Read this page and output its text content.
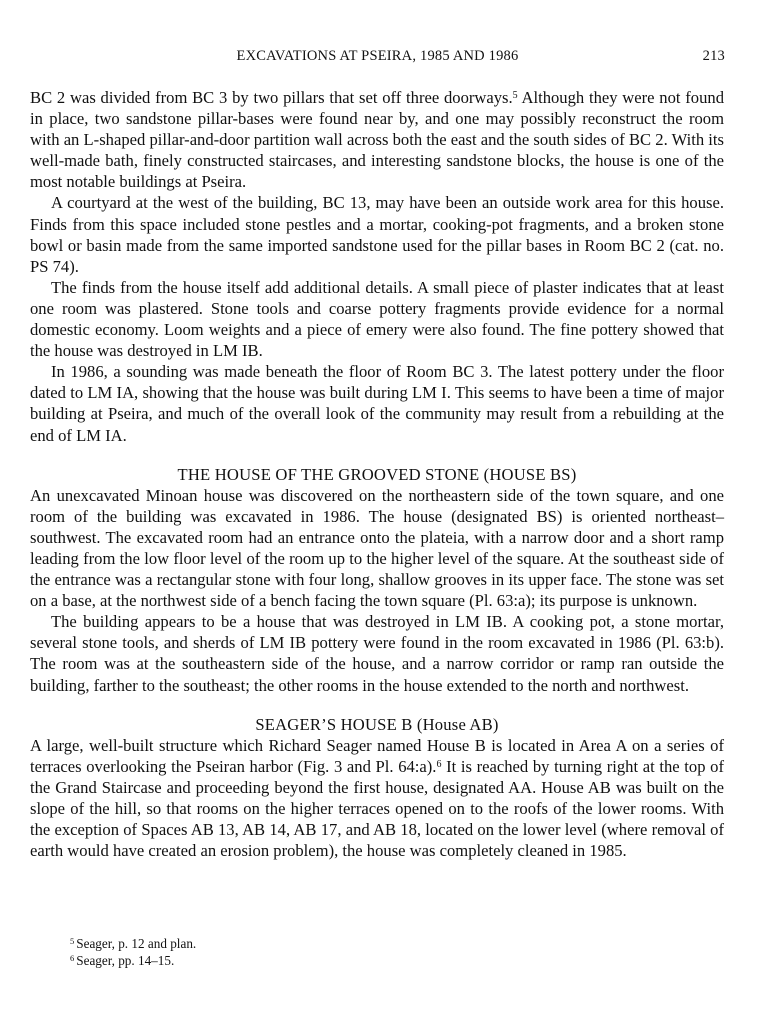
EXCAVATIONS AT PSEIRA, 1985 AND 1986	213

BC 2 was divided from BC 3 by two pillars that set off three doorways.$^5$ Although they were not found in place, two sandstone pillar-bases were found near by, and one may possibly reconstruct the room with an L-shaped pillar-and-door partition wall across both the east and the south sides of BC 2. With its well-made bath, finely constructed staircases, and interesting sandstone blocks, the house is one of the most notable buildings at Pseira.

A courtyard at the west of the building, BC 13, may have been an outside work area for this house. Finds from this space included stone pestles and a mortar, cooking-pot fragments, and a broken stone bowl or basin made from the same imported sandstone used for the pillar bases in Room BC 2 (cat. no. PS 74).

The finds from the house itself add additional details. A small piece of plaster indicates that at least one room was plastered. Stone tools and coarse pottery fragments provide evidence for a normal domestic economy. Loom weights and a piece of emery were also found. The fine pottery showed that the house was destroyed in LM IB.

In 1986, a sounding was made beneath the floor of Room BC 3. The latest pottery under the floor dated to LM IA, showing that the house was built during LM I. This seems to have been a time of major building at Pseira, and much of the overall look of the community may result from a rebuilding at the end of LM IA.

THE HOUSE OF THE GROOVED STONE (HOUSE BS)

An unexcavated Minoan house was discovered on the northeastern side of the town square, and one room of the building was excavated in 1986. The house (designated BS) is oriented northeast–southwest. The excavated room had an entrance onto the plateia, with a narrow door and a short ramp leading from the low floor level of the room up to the higher level of the square. At the southeast side of the entrance was a rectangular stone with four long, shallow grooves in its upper face. The stone was set on a base, at the northwest side of a bench facing the town square (Pl. 63:a); its purpose is unknown.

The building appears to be a house that was destroyed in LM IB. A cooking pot, a stone mortar, several stone tools, and sherds of LM IB pottery were found in the room excavated in 1986 (Pl. 63:b). The room was at the southeastern side of the house, and a narrow corridor or ramp ran outside the building, farther to the southeast; the other rooms in the house extended to the north and northwest.

SEAGER’S HOUSE B (House AB)

A large, well-built structure which Richard Seager named House B is located in Area A on a series of terraces overlooking the Pseiran harbor (Fig. 3 and Pl. 64:a).$^6$ It is reached by turning right at the top of the Grand Staircase and proceeding beyond the first house, designated AA. House AB was built on the slope of the hill, so that rooms on the higher terraces opened on to the roofs of the lower rooms. With the exception of Spaces AB 13, AB 14, AB 17, and AB 18, located on the lower level (where removal of earth would have created an erosion problem), the house was completely cleaned in 1985.

$^5$ Seager, p. 12 and plan.
$^6$ Seager, pp. 14–15.
